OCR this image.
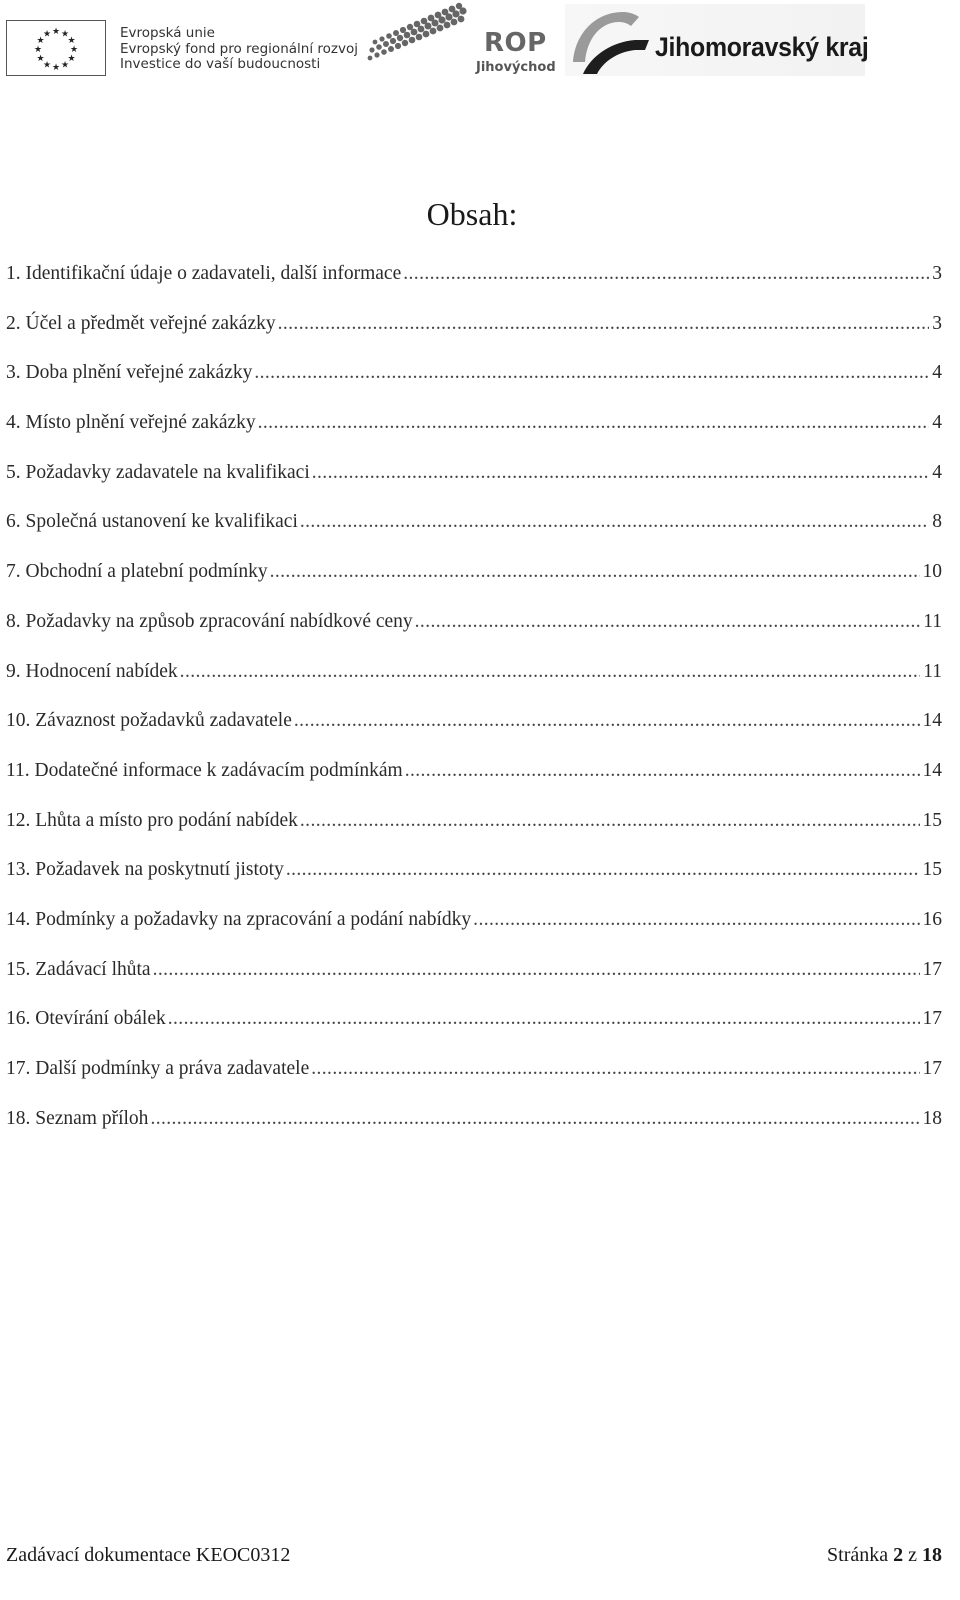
★ ★
★
★
★
★
★
★
★
★
★
★	Evropská unie
Evropský fond pro regionální rozvoj
Investice do vaší budoucnosti
ROP
Jihovýchod
Jihomoravský kraj
Obsah:
1. Identifikační údaje o zadavateli, další informace .....	3
2. Účel a předmět veřejné zakázky .....	3
3. Doba plnění veřejné zakázky .....	4
4. Místo plnění veřejné zakázky .....	4
5. Požadavky zadavatele na kvalifikaci .....	4
6. Společná ustanovení ke kvalifikaci .....	8
7. Obchodní a platební podmínky .....	10
8. Požadavky na způsob zpracování nabídkové ceny .....	11
9. Hodnocení nabídek .....	11
10. Závaznost požadavků zadavatele .....	14
11. Dodatečné informace k zadávacím podmínkám .....	14
12. Lhůta a místo pro podání nabídek .....	15
13. Požadavek na poskytnutí jistoty .....	15
14. Podmínky a požadavky na zpracování a podání nabídky .....	16
15. Zadávací lhůta .....	17
16. Otevírání obálek .....	17
17. Další podmínky a práva zadavatele .....	17
18. Seznam příloh .....	18
Zadávací dokumentace KEOC0312	Stránka 2 z 18
